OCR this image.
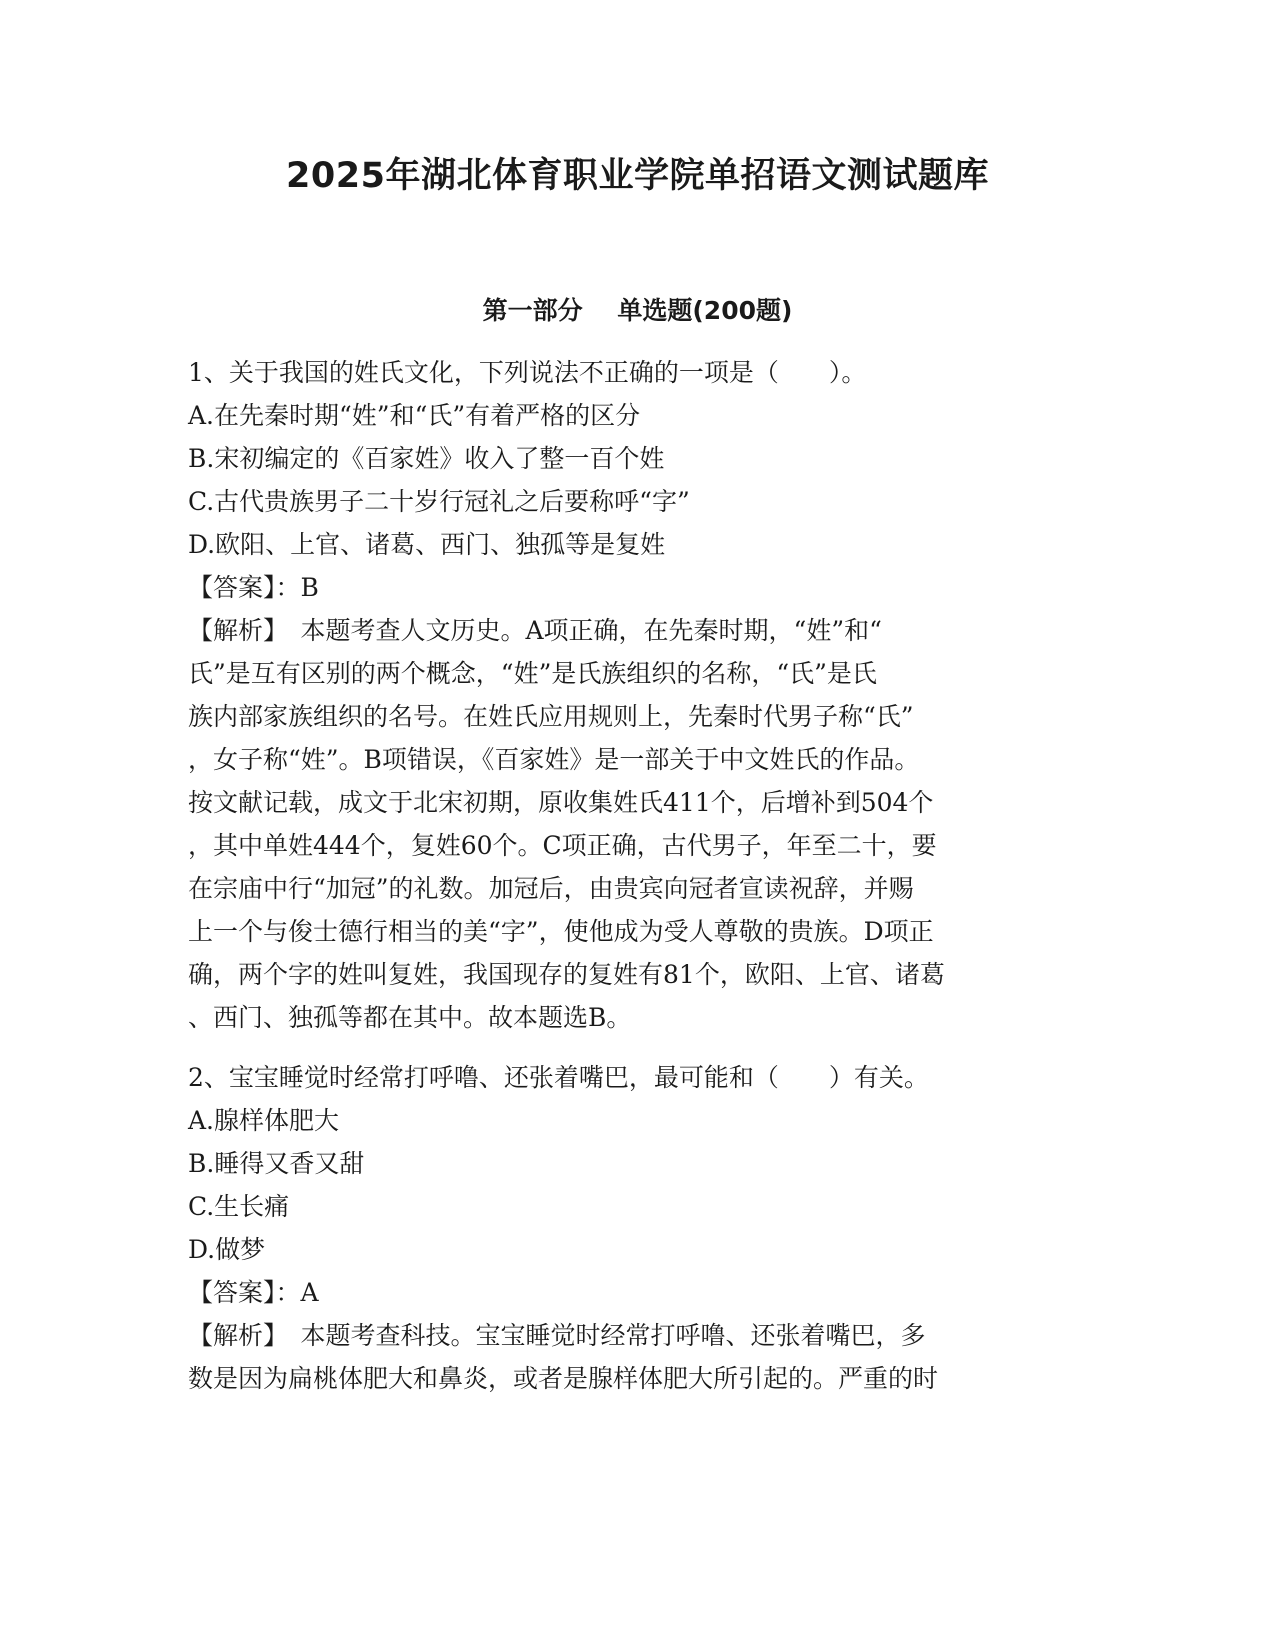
2025年湖北体育职业学院单招语文测试题库
第一部分    单选题(200题)
1、关于我国的姓氏文化，下列说法不正确的一项是（　　）。
A.在先秦时期“姓”和“氏”有着严格的区分
B.宋初编定的《百家姓》收入了整一百个姓
C.古代贵族男子二十岁行冠礼之后要称呼“字”
D.欧阳、上官、诸葛、西门、独孤等是复姓
【答案】：B
【解析】　本题考查人文历史。A项正确，在先秦时期，“姓”和“
氏”是互有区别的两个概念，“姓”是氏族组织的名称，“氏”是氏
族内部家族组织的名号。在姓氏应用规则上，先秦时代男子称“氏”
，女子称“姓”。B项错误，《百家姓》是一部关于中文姓氏的作品。
按文献记载，成文于北宋初期，原收集姓氏411个，后增补到504个
，其中单姓444个，复姓60个。C项正确，古代男子，年至二十，要
在宗庙中行“加冠”的礼数。加冠后，由贵宾向冠者宣读祝辞，并赐
上一个与俊士德行相当的美“字”，使他成为受人尊敬的贵族。D项正
确，两个字的姓叫复姓，我国现存的复姓有81个，欧阳、上官、诸葛
、西门、独孤等都在其中。故本题选B。
2、宝宝睡觉时经常打呼噜、还张着嘴巴，最可能和（　　）有关。
A.腺样体肥大
B.睡得又香又甜
C.生长痛
D.做梦
【答案】：A
【解析】　本题考查科技。宝宝睡觉时经常打呼噜、还张着嘴巴，多
数是因为扁桃体肥大和鼻炎，或者是腺样体肥大所引起的。严重的时
